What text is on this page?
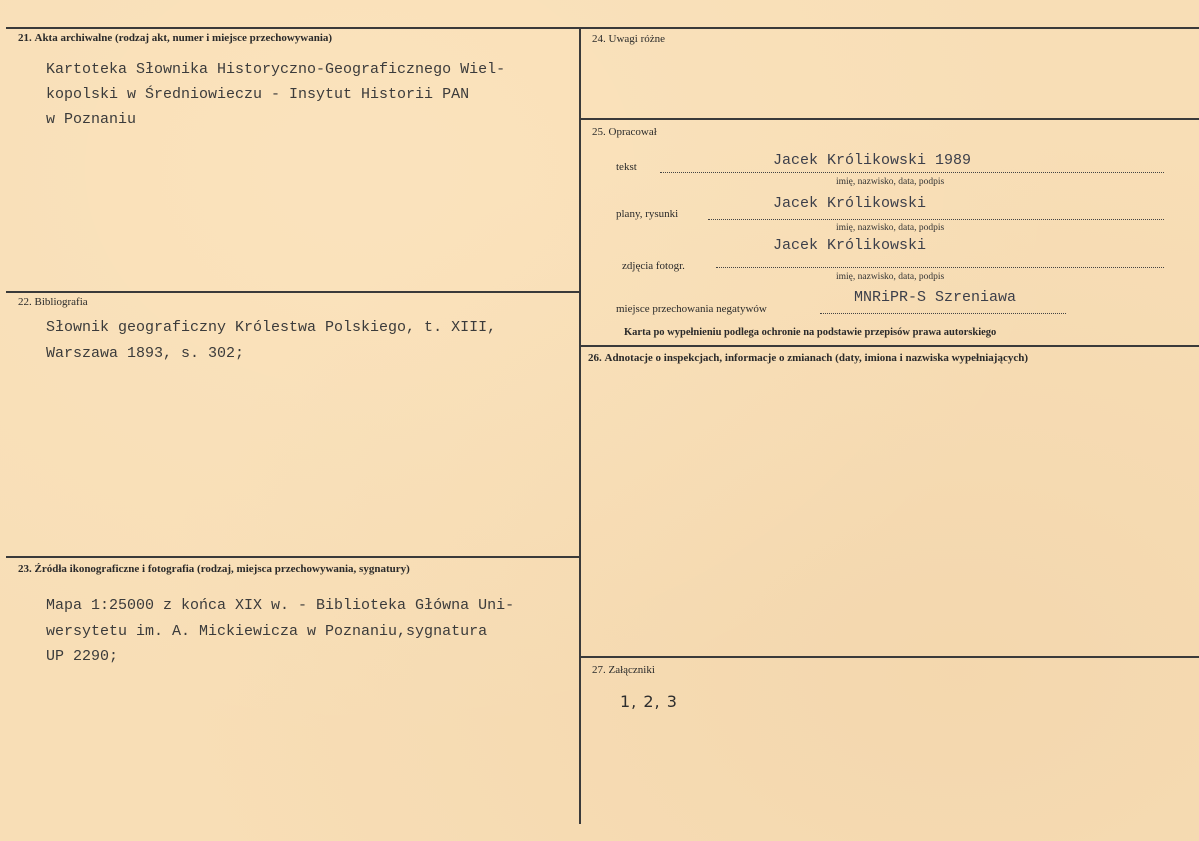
21. Akta archiwalne (rodzaj akt, numer i miejsce przechowywania)
Kartoteka Słownika Historyczno-Geograficznego Wiel-
kopolski w Średniowieczu - Insytut Historii PAN
w Poznaniu
22. Bibliografia
Słownik geograficzny Królestwa Polskiego, t. XIII,
Warszawa 1893, s. 302;
23. Źródła ikonograficzne i fotografia (rodzaj, miejsca przechowywania, sygnatury)
Mapa 1:25000 z końca XIX w. - Biblioteka Główna Uni-
wersytetu im. A. Mickiewicza w Poznaniu,sygnatura
UP 2290;
24. Uwagi różne
25. Opracował
tekst	Jacek Królikowski 1989
imię, nazwisko, data, podpis
plany, rysunki
Jacek Królikowski
imię, nazwisko, data, podpis
zdjęcia fotogr.
Jacek Królikowski
imię, nazwisko, data, podpis
miejsce przechowania negatywów
MNRiPR-S Szreniawa
Karta po wypełnieniu podlega ochronie na podstawie przepisów prawa autorskiego
26. Adnotacje o inspekcjach, informacje o zmianach (daty, imiona i nazwiska wypełniających)
27. Załączniki
1, 2, 3
